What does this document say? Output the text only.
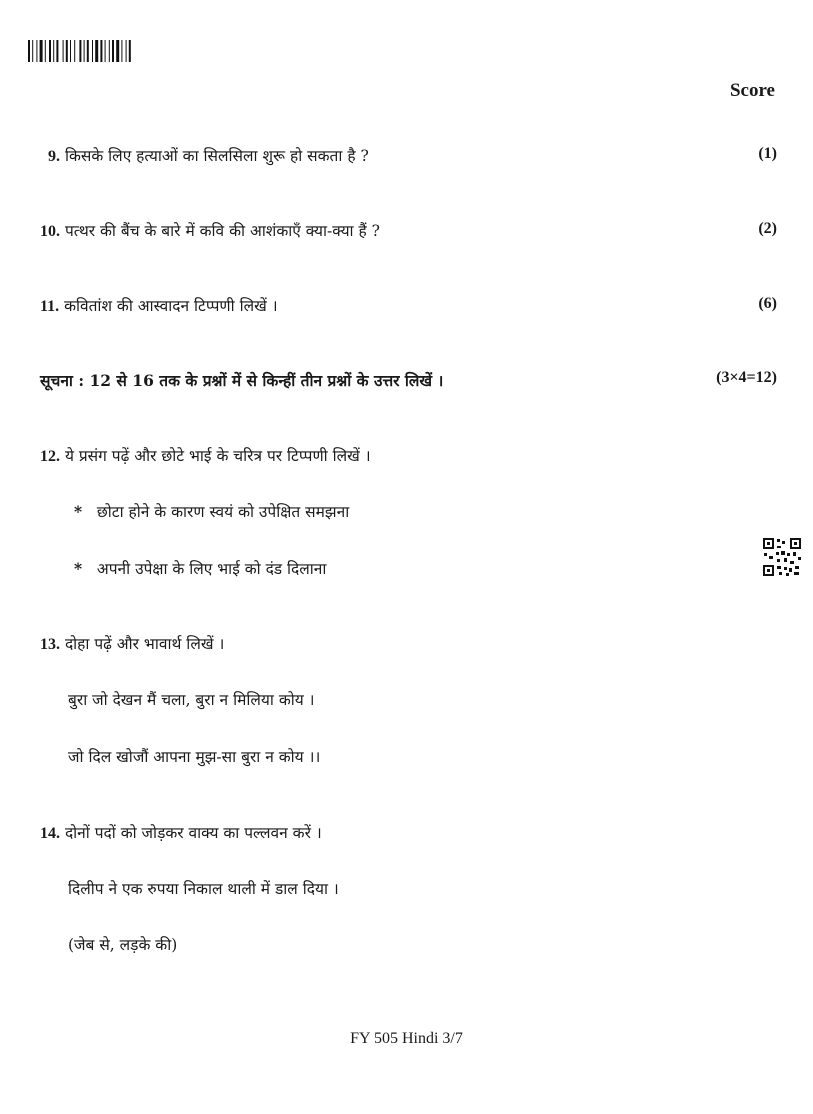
Score
9. किसके लिए हत्याओं का सिलसिला शुरू हो सकता है ?	(1)
10. पत्थर की बैंच के बारे में कवि की आशंकाएँ क्या-क्या हैं ?	(2)
11. कवितांश की आस्वादन टिप्पणी लिखें ।	(6)
सूचना : 12 से 16 तक के प्रश्नों में से किन्हीं तीन प्रश्नों के उत्तर लिखें ।	(3×4=12)
12. ये प्रसंग पढ़ें और छोटे भाई के चरित्र पर टिप्पणी लिखें ।
* छोटा होने के कारण स्वयं को उपेक्षित समझना
* अपनी उपेक्षा के लिए भाई को दंड दिलाना
13. दोहा पढ़ें और भावार्थ लिखें ।
बुरा जो देखन मैं चला, बुरा न मिलिया कोय ।
जो दिल खोजौं आपना मुझ-सा बुरा न कोय ।।
14. दोनों पदों को जोड़कर वाक्य का पल्लवन करें ।
दिलीप ने एक रुपया निकाल थाली में डाल दिया ।
(जेब से, लड़के की)
FY 505 Hindi 3/7
